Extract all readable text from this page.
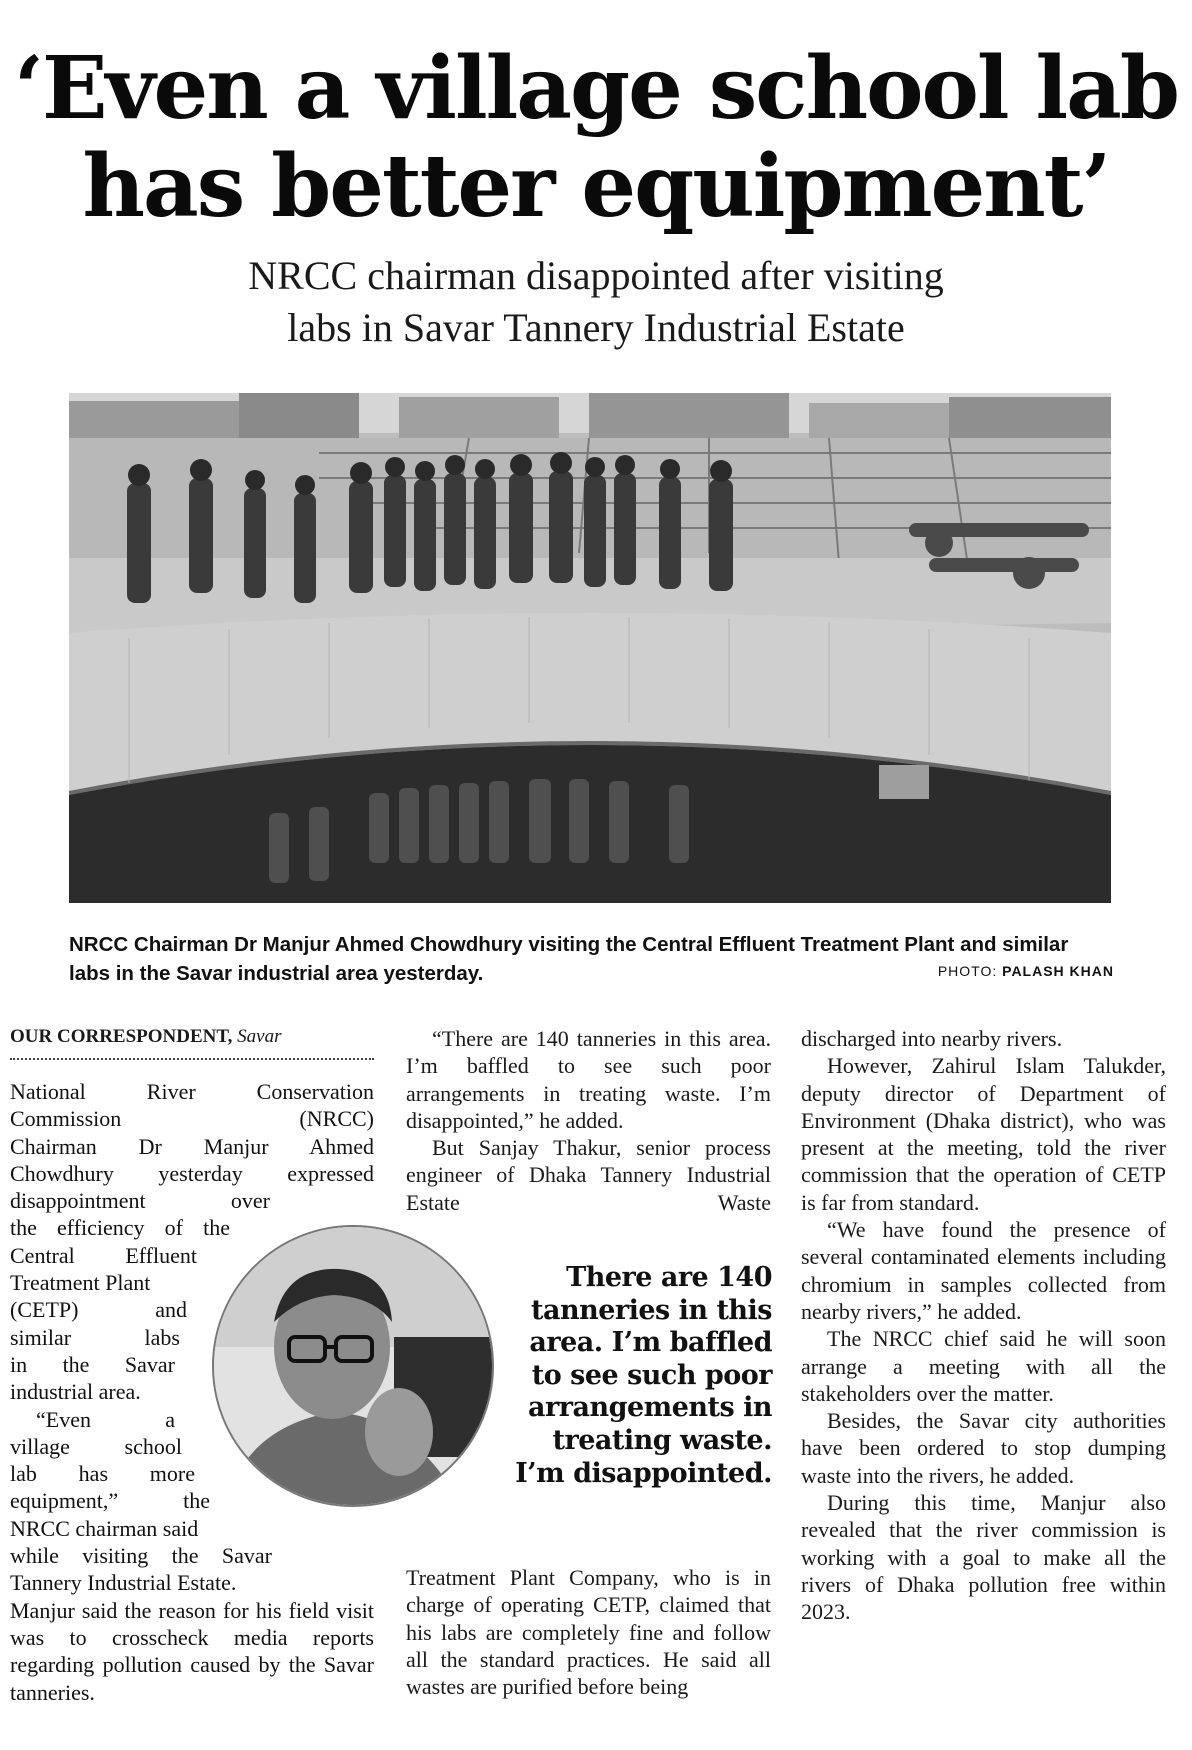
‘Even a village school lab
has better equipment’
NRCC chairman disappointed after visiting
labs in Savar Tannery Industrial Estate
NRCC Chairman Dr Manjur Ahmed Chowdhury visiting the Central Effluent Treatment Plant and similar labs in the Savar industrial area yesterday.	PHOTO: PALASH KHAN
OUR CORRESPONDENT, Savar
National River Conservation
Commission (NRCC)
Chairman Dr Manjur Ahmed
Chowdhury yesterday expressed
disappointment over
the efficiency of the
Central Effluent
Treatment Plant
(CETP) and
similar labs
in the Savar
industrial area.
“Even a
village school
lab has more
equipment,” the
NRCC chairman said
while visiting the Savar
Tannery Industrial Estate.

Manjur said the reason for his field visit was to crosscheck media reports regarding pollution caused by the Savar tanneries.

“There are 140 tanneries in this area. I’m baffled to see such poor arrangements in treating waste. I’m disappointed,” he added.

But Sanjay Thakur, senior process engineer of Dhaka Tannery Industrial Estate Waste

There are 140 tanneries in this area. I’m baffled to see such poor arrangements in treating waste. I’m disappointed.

Treatment Plant Company, who is in charge of operating CETP, claimed that his labs are completely fine and follow all the standard practices. He said all wastes are purified before being

discharged into nearby rivers.

However, Zahirul Islam Talukder, deputy director of Department of Environment (Dhaka district), who was present at the meeting, told the river commission that the operation of CETP is far from standard.

“We have found the presence of several contaminated elements including chromium in samples collected from nearby rivers,” he added.

The NRCC chief said he will soon arrange a meeting with all the stakeholders over the matter.

Besides, the Savar city authorities have been ordered to stop dumping waste into the rivers, he added.

During this time, Manjur also revealed that the river commission is working with a goal to make all the rivers of Dhaka pollution free within 2023.
